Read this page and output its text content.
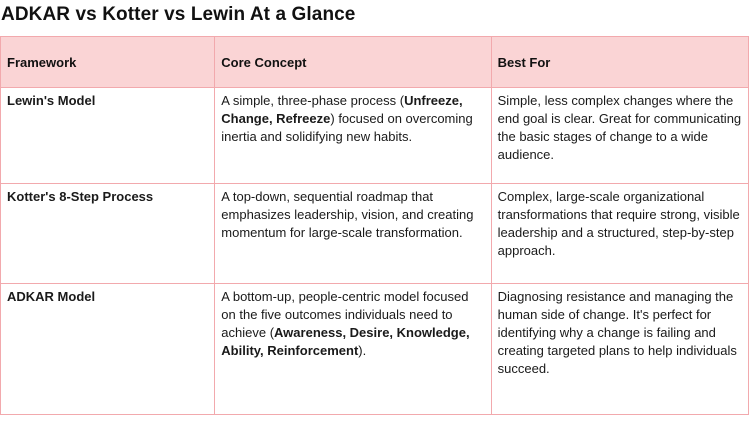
ADKAR vs Kotter vs Lewin At a Glance
Framework	Core Concept	Best For
Lewin's Model	A simple, three-phase process (Unfreeze, Change, Refreeze) focused on overcoming inertia and solidifying new habits.	Simple, less complex changes where the end goal is clear. Great for communicating the basic stages of change to a wide audience.
Kotter's 8-Step Process	A top-down, sequential roadmap that emphasizes leadership, vision, and creating momentum for large-scale transformation.	Complex, large-scale organizational transformations that require strong, visible leadership and a structured, step-by-step approach.
ADKAR Model	A bottom-up, people-centric model focused on the five outcomes individuals need to achieve (Awareness, Desire, Knowledge, Ability, Reinforcement).	Diagnosing resistance and managing the human side of change. It's perfect for identifying why a change is failing and creating targeted plans to help individuals succeed.
